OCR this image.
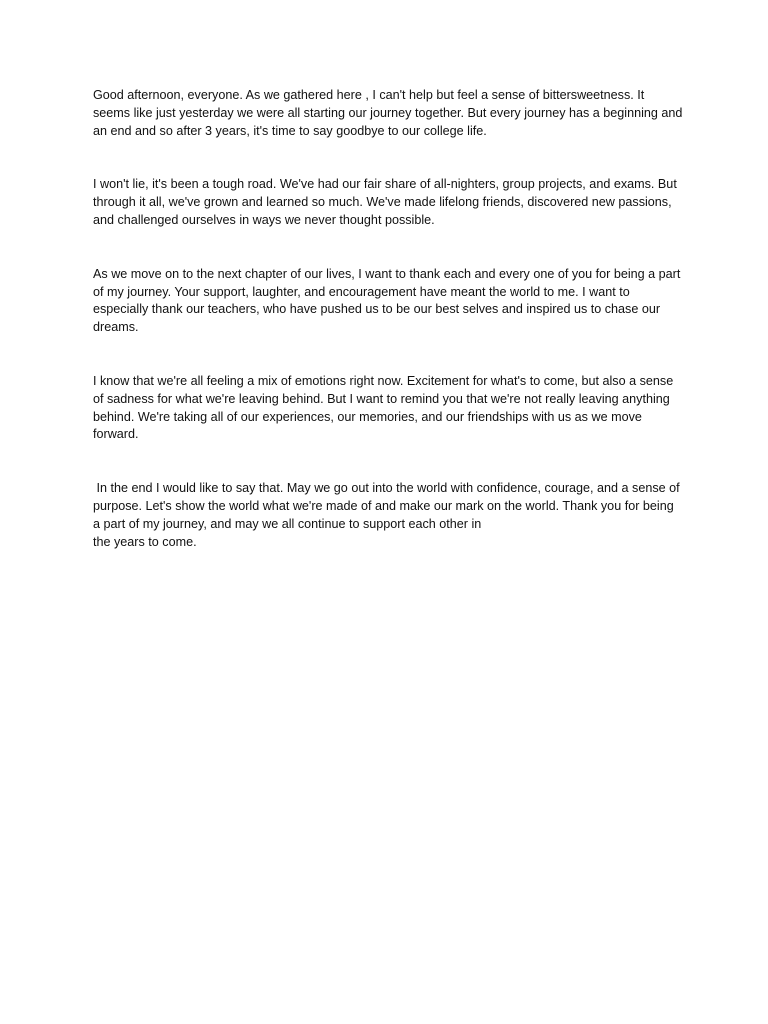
Good afternoon, everyone. As we gathered here , I can't help but feel a sense of bittersweetness. It seems like just yesterday we were all starting our journey together. But every journey has a beginning and an end and so after 3 years, it's time to say goodbye to our college life.

I won't lie, it's been a tough road. We've had our fair share of all-nighters, group projects, and exams. But through it all, we've grown and learned so much. We've made lifelong friends, discovered new passions, and challenged ourselves in ways we never thought possible.

As we move on to the next chapter of our lives, I want to thank each and every one of you for being a part of my journey. Your support, laughter, and encouragement have meant the world to me. I want to especially thank our teachers, who have pushed us to be our best selves and inspired us to chase our dreams.

I know that we're all feeling a mix of emotions right now. Excitement for what's to come, but also a sense of sadness for what we're leaving behind. But I want to remind you that we're not really leaving anything behind. We're taking all of our experiences, our memories, and our friendships with us as we move forward.

In the end I would like to say that. May we go out into the world with confidence, courage, and a sense of purpose. Let's show the world what we're made of and make our mark on the world. Thank you for being a part of my journey, and may we all continue to support each other in
the years to come.
